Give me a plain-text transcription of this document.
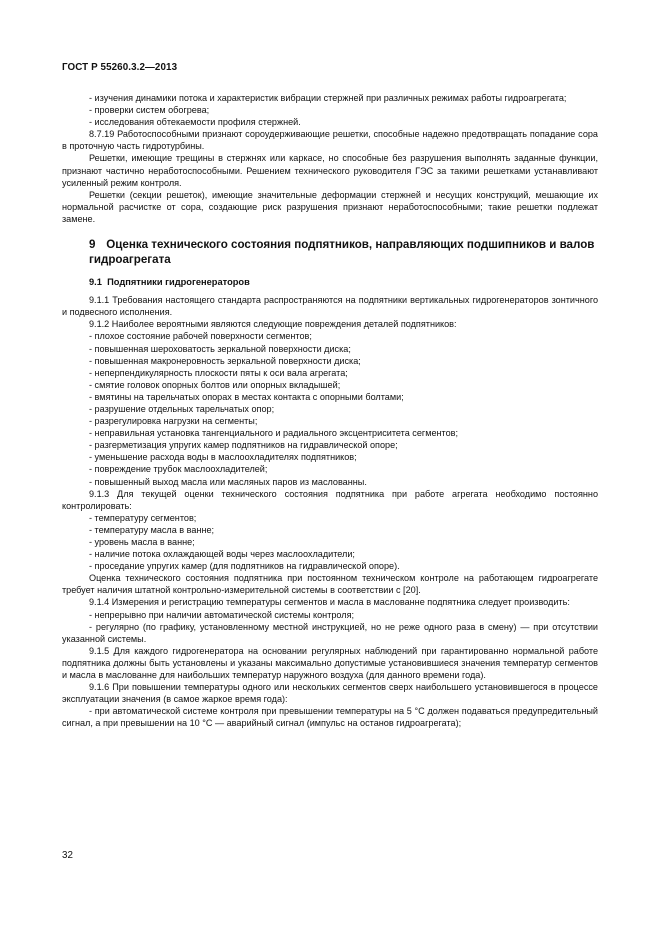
ГОСТ Р 55260.3.2—2013

- изучения динамики потока и характеристик вибрации стержней при различных режимах работы гидроагрегата;

- проверки систем обогрева;

- исследования обтекаемости профиля стержней.

8.7.19 Работоспособными признают сороудерживающие решетки, способные надежно предотвращать попадание сора в проточную часть гидротурбины.

Решетки, имеющие трещины в стержнях или каркасе, но способные без разрушения выполнять заданные функции, признают частично неработоспособными. Решением технического руководителя ГЭС за такими решетками устанавливают усиленный режим контроля.

Решетки (секции решеток), имеющие значительные деформации стержней и несущих конструкций, мешающие их нормальной расчистке от сора, создающие риск разрушения признают неработоспособными; такие решетки подлежат замене.

9 Оценка технического состояния подпятников, направляющих подшипников и валов гидроагрегата
9.1 Подпятники гидрогенераторов

9.1.1 Требования настоящего стандарта распространяются на подпятники вертикальных гидрогенераторов зонтичного и подвесного исполнения.

9.1.2 Наиболее вероятными являются следующие повреждения деталей подпятников:

- плохое состояние рабочей поверхности сегментов;

- повышенная шероховатость зеркальной поверхности диска;

- повышенная макронеровность зеркальной поверхности диска;

- неперпендикулярность плоскости пяты к оси вала агрегата;

- смятие головок опорных болтов или опорных вкладышей;

- вмятины на тарельчатых опорах в местах контакта с опорными болтами;

- разрушение отдельных тарельчатых опор;

- разрегулировка нагрузки на сегменты;

- неправильная установка тангенциального и радиального эксцентриситета сегментов;

- разгерметизация упругих камер подпятников на гидравлической опоре;

- уменьшение расхода воды в маслоохладителях подпятников;

- повреждение трубок маслоохладителей;

- повышенный выход масла или масляных паров из маслованны.

9.1.3 Для текущей оценки технического состояния подпятника при работе агрегата необходимо постоянно контролировать:

- температуру сегментов;

- температуру масла в ванне;

- уровень масла в ванне;

- наличие потока охлаждающей воды через маслоохладители;

- проседание упругих камер (для подпятников на гидравлической опоре).

Оценка технического состояния подпятника при постоянном техническом контроле на работающем гидроагрегате требует наличия штатной контрольно-измерительной системы в соответствии с [20].

9.1.4 Измерения и регистрацию температуры сегментов и масла в маслованне подпятника следует производить:

- непрерывно при наличии автоматической системы контроля;

- регулярно (по графику, установленному местной инструкцией, но не реже одного раза в смену) — при отсутствии указанной системы.

9.1.5 Для каждого гидрогенератора на основании регулярных наблюдений при гарантированно нормальной работе подпятника должны быть установлены и указаны максимально допустимые установившиеся значения температур сегментов и масла в маслованне для наибольших температур наружного воздуха (для данного времени года).

9.1.6 При повышении температуры одного или нескольких сегментов сверх наибольшего установившегося в процессе эксплуатации значения (в самое жаркое время года):

- при автоматической системе контроля при превышении температуры на 5 °С должен подаваться предупредительный сигнал, а при превышении на 10 °С — аварийный сигнал (импульс на останов гидроагрегата);

32
